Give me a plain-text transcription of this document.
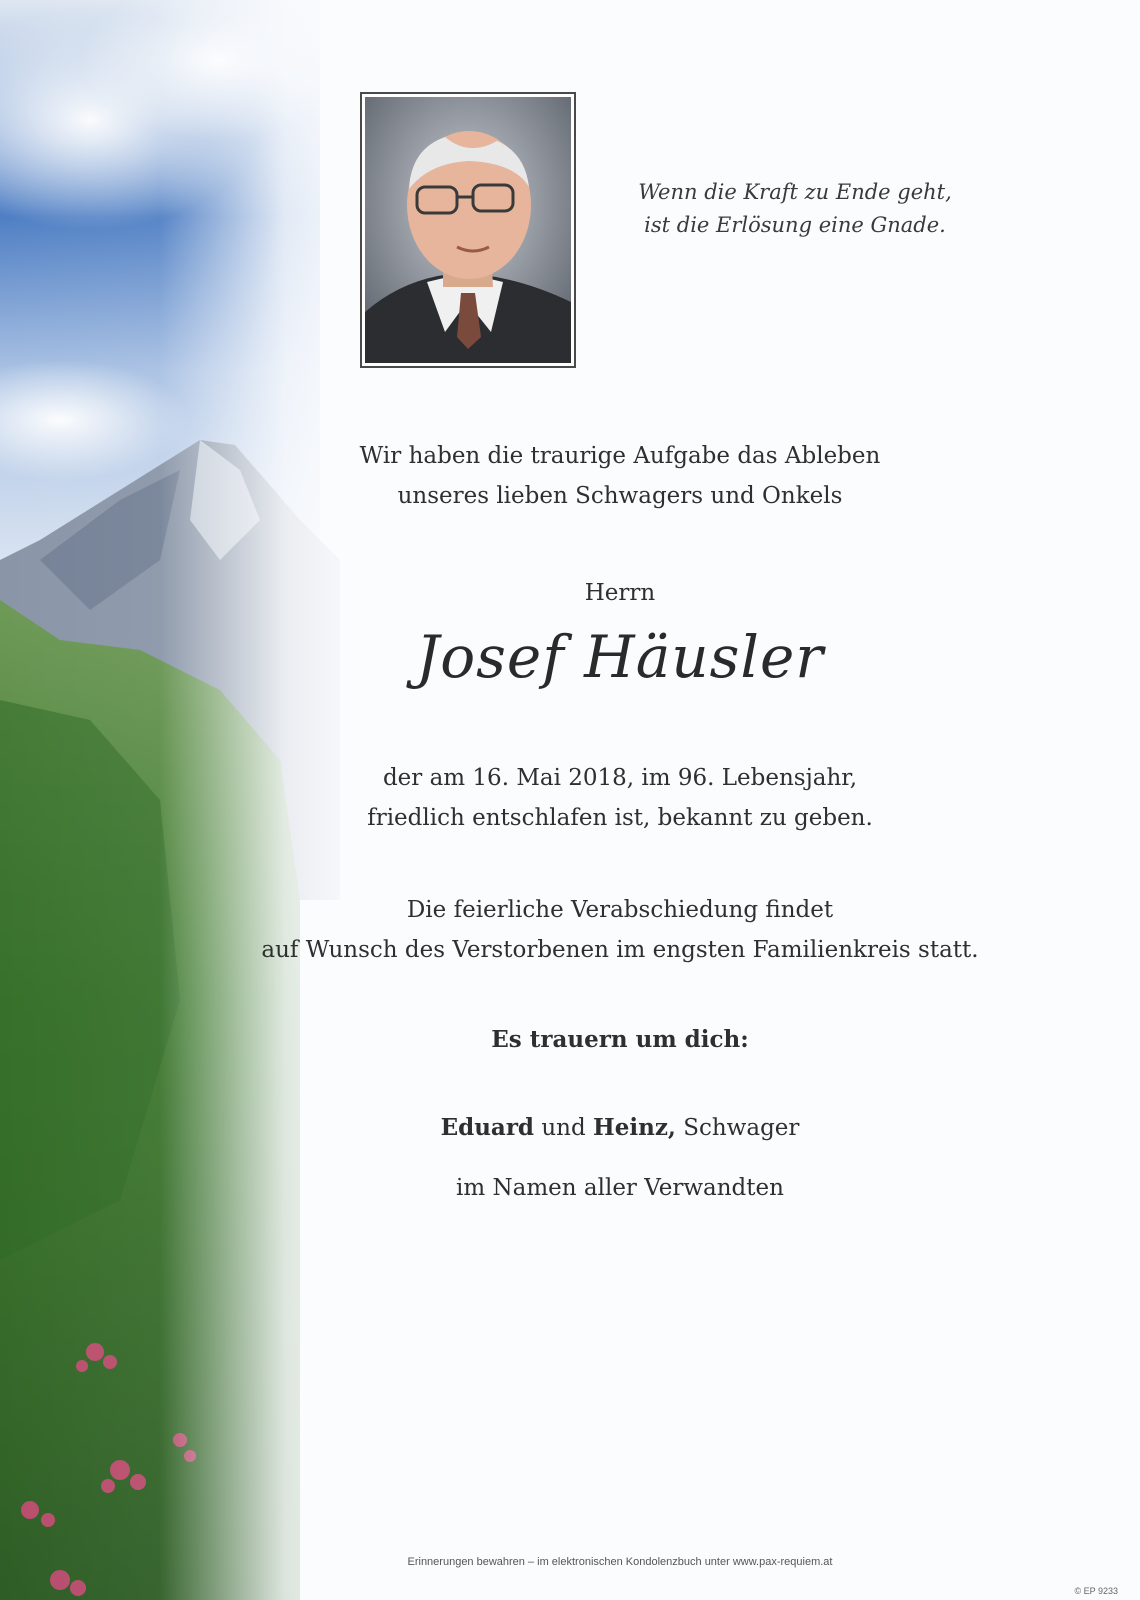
Wenn die Kraft zu Ende geht,
ist die Erlösung eine Gnade.
Wir haben die traurige Aufgabe das Ableben
unseres lieben Schwagers und Onkels
Herrn
Josef Häusler
der am 16. Mai 2018, im 96. Lebensjahr,
friedlich entschlafen ist, bekannt zu geben.
Die feierliche Verabschiedung findet
auf Wunsch des Verstorbenen im engsten Familienkreis statt.
Es trauern um dich:
Eduard und Heinz, Schwager
im Namen aller Verwandten
Erinnerungen bewahren – im elektronischen Kondolenzbuch unter www.pax-requiem.at
© EP 9233
